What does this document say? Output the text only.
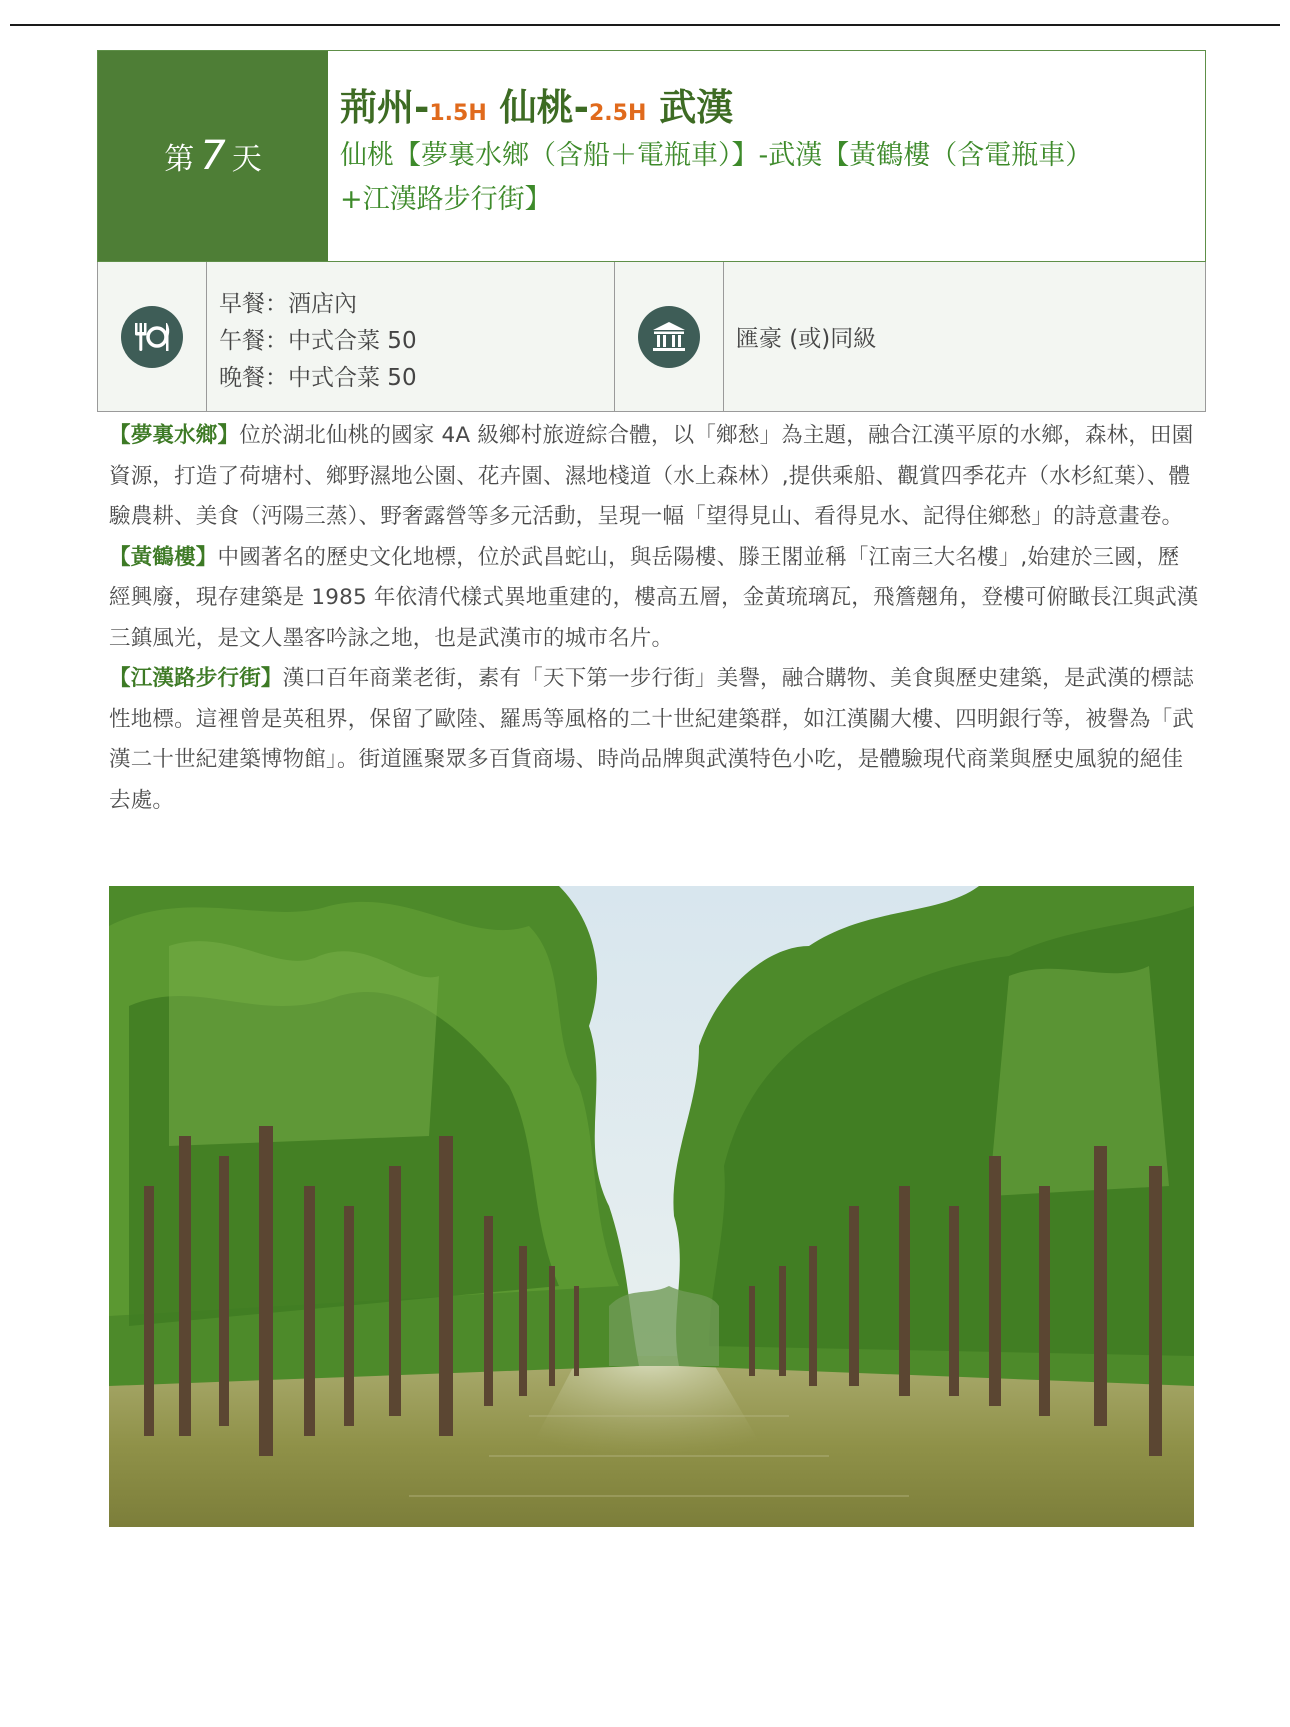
第 7 天
荊州-1.5H 仙桃-2.5H 武漢
仙桃【夢裏水鄉（含船＋電瓶車）】-武漢【黃鶴樓（含電瓶車）
+江漢路步行街】
早餐：酒店內
午餐：中式合菜 50
晚餐：中式合菜 50
匯豪 (或)同級

【夢裏水鄉】位於湖北仙桃的國家 4A 級鄉村旅遊綜合體，以「鄉愁」為主題，融合江漢平原的水鄉，森林，田園資源，打造了荷塘村、鄉野濕地公園、花卉園、濕地棧道（水上森林）,提供乘船、觀賞四季花卉（水杉紅葉）、體驗農耕、美食（沔陽三蒸）、野奢露營等多元活動，呈現一幅「望得見山、看得見水、記得住鄉愁」的詩意畫卷。

【黃鶴樓】中國著名的歷史文化地標，位於武昌蛇山，與岳陽樓、滕王閣並稱「江南三大名樓」,始建於三國，歷經興廢，現存建築是 1985 年依清代樣式異地重建的，樓高五層，金黃琉璃瓦，飛簷翹角，登樓可俯瞰長江與武漢三鎮風光，是文人墨客吟詠之地，也是武漢市的城市名片。

【江漢路步行街】漢口百年商業老街，素有「天下第一步行街」美譽，融合購物、美食與歷史建築，是武漢的標誌性地標。這裡曾是英租界，保留了歐陸、羅馬等風格的二十世紀建築群，如江漢關大樓、四明銀行等，被譽為「武漢二十世紀建築博物館」。街道匯聚眾多百貨商場、時尚品牌與武漢特色小吃，是體驗現代商業與歷史風貌的絕佳去處。
